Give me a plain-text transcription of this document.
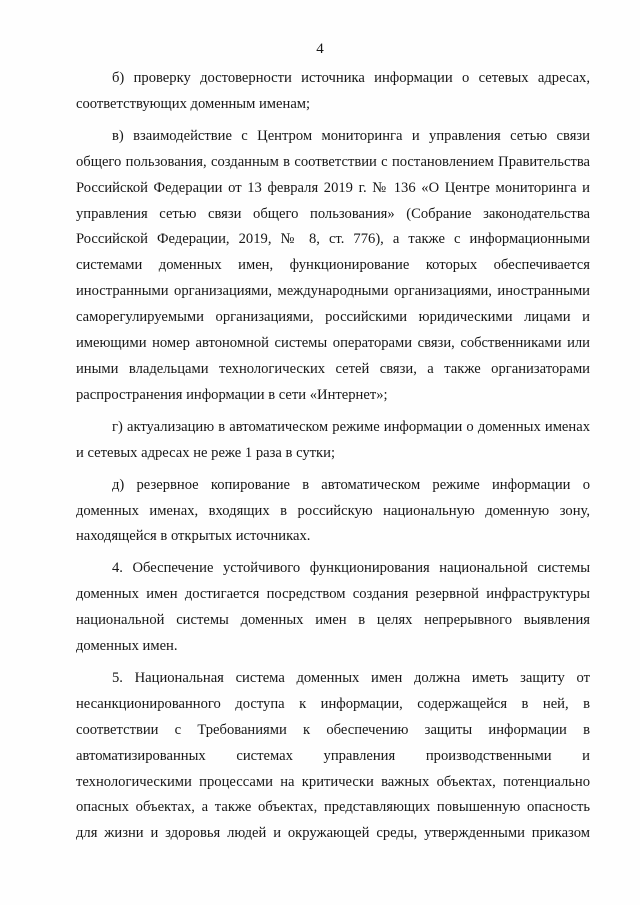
4

б) проверку достоверности источника информации о сетевых адресах, соответствующих доменным именам;

в) взаимодействие с Центром мониторинга и управления сетью связи общего пользования, созданным в соответствии с постановлением Правительства Российской Федерации от 13 февраля 2019 г. № 136 «О Центре мониторинга и управления сетью связи общего пользования» (Собрание законодательства Российской Федерации, 2019, № 8, ст. 776), а также с информационными системами доменных имен, функционирование которых обеспечивается иностранными организациями, международными организациями, иностранными саморегулируемыми организациями, российскими юридическими лицами и имеющими номер автономной системы операторами связи, собственниками или иными владельцами технологических сетей связи, а также организаторами распространения информации в сети «Интернет»;

г) актуализацию в автоматическом режиме информации о доменных именах и сетевых адресах не реже 1 раза в сутки;

д) резервное копирование в автоматическом режиме информации о доменных именах, входящих в российскую национальную доменную зону, находящейся в открытых источниках.

4. Обеспечение устойчивого функционирования национальной системы доменных имен достигается посредством создания резервной инфраструктуры национальной системы доменных имен в целях непрерывного выявления доменных имен.

5. Национальная система доменных имен должна иметь защиту от несанкционированного доступа к информации, содержащейся в ней, в соответствии с Требованиями к обеспечению защиты информации в автоматизированных системах управления производственными и технологическими процессами на критически важных объектах, потенциально опасных объектах, а также объектах, представляющих повышенную опасность для жизни и здоровья людей и окружающей среды, утвержденными приказом
